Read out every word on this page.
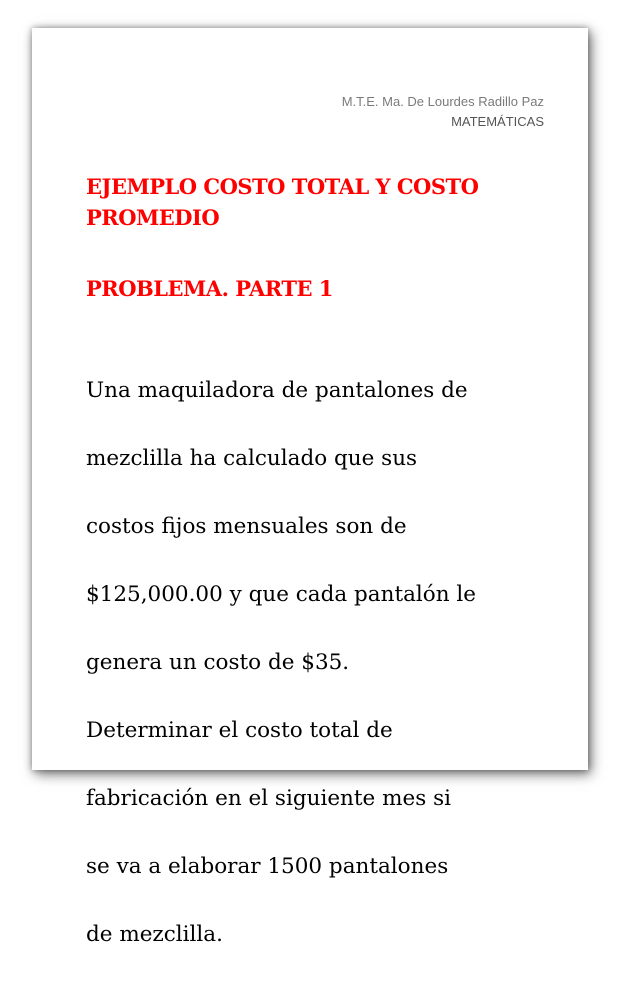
M.T.E. Ma. De Lourdes Radillo Paz
MATEMÁTICAS
EJEMPLO COSTO TOTAL Y COSTO PROMEDIO
PROBLEMA. PARTE 1

Una maquiladora de pantalones de

mezclilla ha calculado que sus

costos fijos mensuales son de

$125,000.00 y que cada pantalón le

genera un costo de $35.

Determinar el costo total de

fabricación en el siguiente mes si

se va a elaborar 1500 pantalones

de mezclilla.
